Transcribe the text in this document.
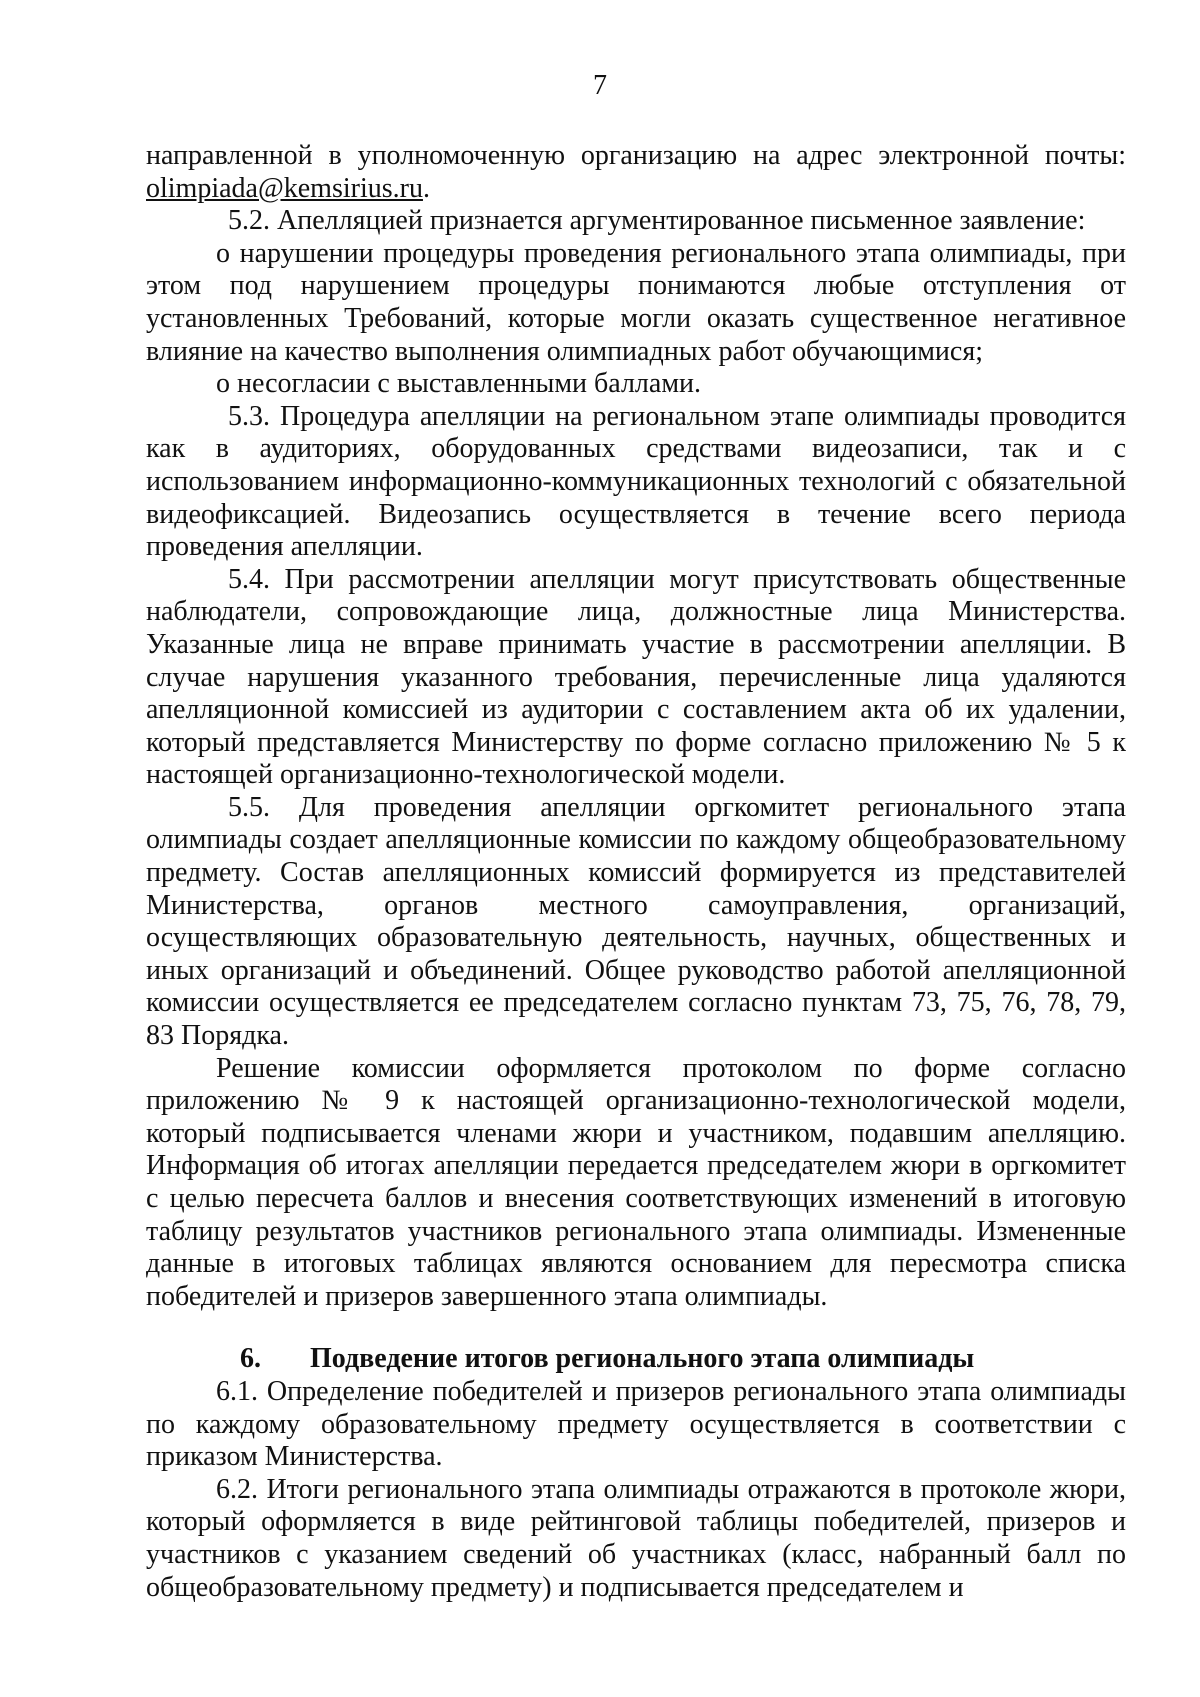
7

направленной в уполномоченную организацию на адрес электронной почты: olimpiada@kemsirius.ru.

5.2. Апелляцией признается аргументированное письменное заявление:

о нарушении процедуры проведения регионального этапа олимпиады, при этом под нарушением процедуры понимаются любые отступления от установленных Требований, которые могли оказать существенное негативное влияние на качество выполнения олимпиадных работ обучающимися;

о несогласии с выставленными баллами.

5.3. Процедура апелляции на региональном этапе олимпиады проводится как в аудиториях, оборудованных средствами видеозаписи, так и с использованием информационно-коммуникационных технологий с обязательной видеофиксацией. Видеозапись осуществляется в течение всего периода проведения апелляции.

5.4. При рассмотрении апелляции могут присутствовать общественные наблюдатели, сопровождающие лица, должностные лица Министерства. Указанные лица не вправе принимать участие в рассмотрении апелляции. В случае нарушения указанного требования, перечисленные лица удаляются апелляционной комиссией из аудитории с составлением акта об их удалении, который представляется Министерству по форме согласно приложению № 5 к настоящей организационно-технологической модели.

5.5. Для проведения апелляции оргкомитет регионального этапа олимпиады создает апелляционные комиссии по каждому общеобразовательному предмету. Состав апелляционных комиссий формируется из представителей Министерства, органов местного самоуправления, организаций, осуществляющих образовательную деятельность, научных, общественных и иных организаций и объединений. Общее руководство работой апелляционной комиссии осуществляется ее председателем согласно пунктам 73, 75, 76, 78, 79, 83 Порядка.

Решение комиссии оформляется протоколом по форме согласно приложению № 9 к настоящей организационно-технологической модели, который подписывается членами жюри и участником, подавшим апелляцию. Информация об итогах апелляции передается председателем жюри в оргкомитет с целью пересчета баллов и внесения соответствующих изменений в итоговую таблицу результатов участников регионального этапа олимпиады. Измененные данные в итоговых таблицах являются основанием для пересмотра списка победителей и призеров завершенного этапа олимпиады.

6. Подведение итогов регионального этапа олимпиады

6.1. Определение победителей и призеров регионального этапа олимпиады по каждому образовательному предмету осуществляется в соответствии с приказом Министерства.

6.2. Итоги регионального этапа олимпиады отражаются в протоколе жюри, который оформляется в виде рейтинговой таблицы победителей, призеров и участников с указанием сведений об участниках (класс, набранный балл по общеобразовательному предмету) и подписывается председателем и
